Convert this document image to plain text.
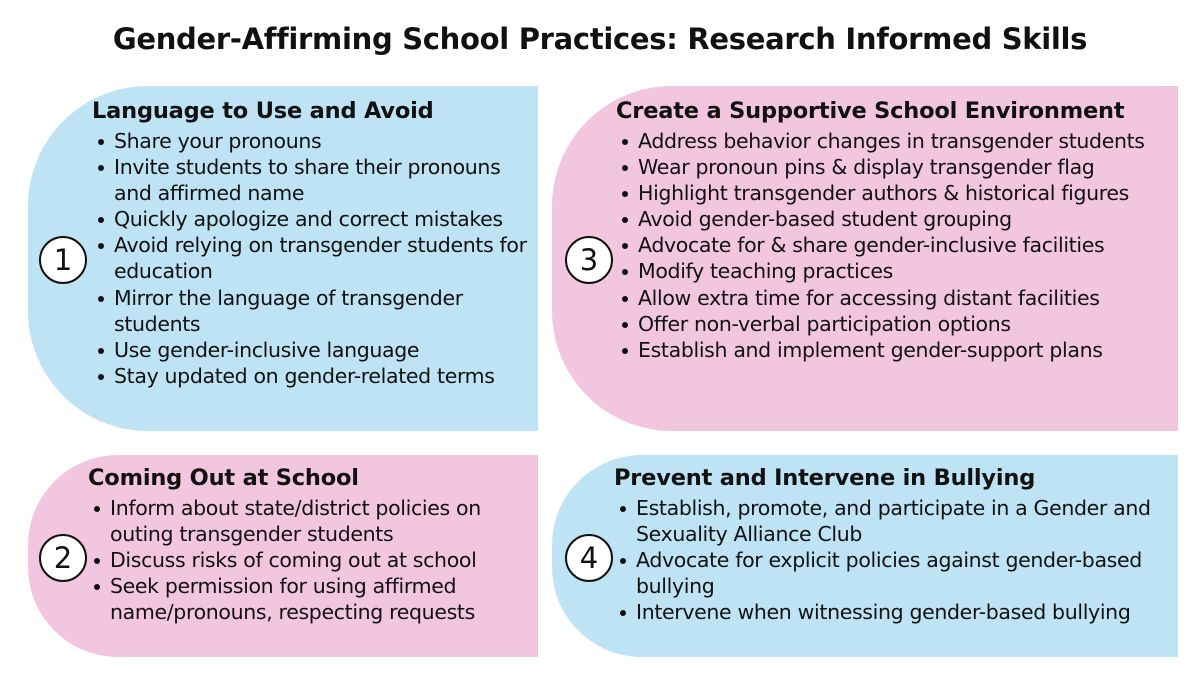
Gender-Affirming School Practices: Research Informed Skills
1
Language to Use and Avoid
Share your pronouns
Invite students to share their pronouns and affirmed name
Quickly apologize and correct mistakes
Avoid relying on transgender students for education
Mirror the language of transgender students
Use gender-inclusive language
Stay updated on gender-related terms
2
Coming Out at School
Inform about state/district policies on outing transgender students
Discuss risks of coming out at school
Seek permission for using affirmed name/pronouns, respecting requests
3
Create a Supportive School Environment
Address behavior changes in transgender students
Wear pronoun pins & display transgender flag
Highlight transgender authors & historical figures
Avoid gender-based student grouping
Advocate for & share gender-inclusive facilities
Modify teaching practices
Allow extra time for accessing distant facilities
Offer non-verbal participation options
Establish and implement gender-support plans
4
Prevent and Intervene in Bullying
Establish, promote, and participate in a Gender and Sexuality Alliance Club
Advocate for explicit policies against gender-based bullying
Intervene when witnessing gender-based bullying
